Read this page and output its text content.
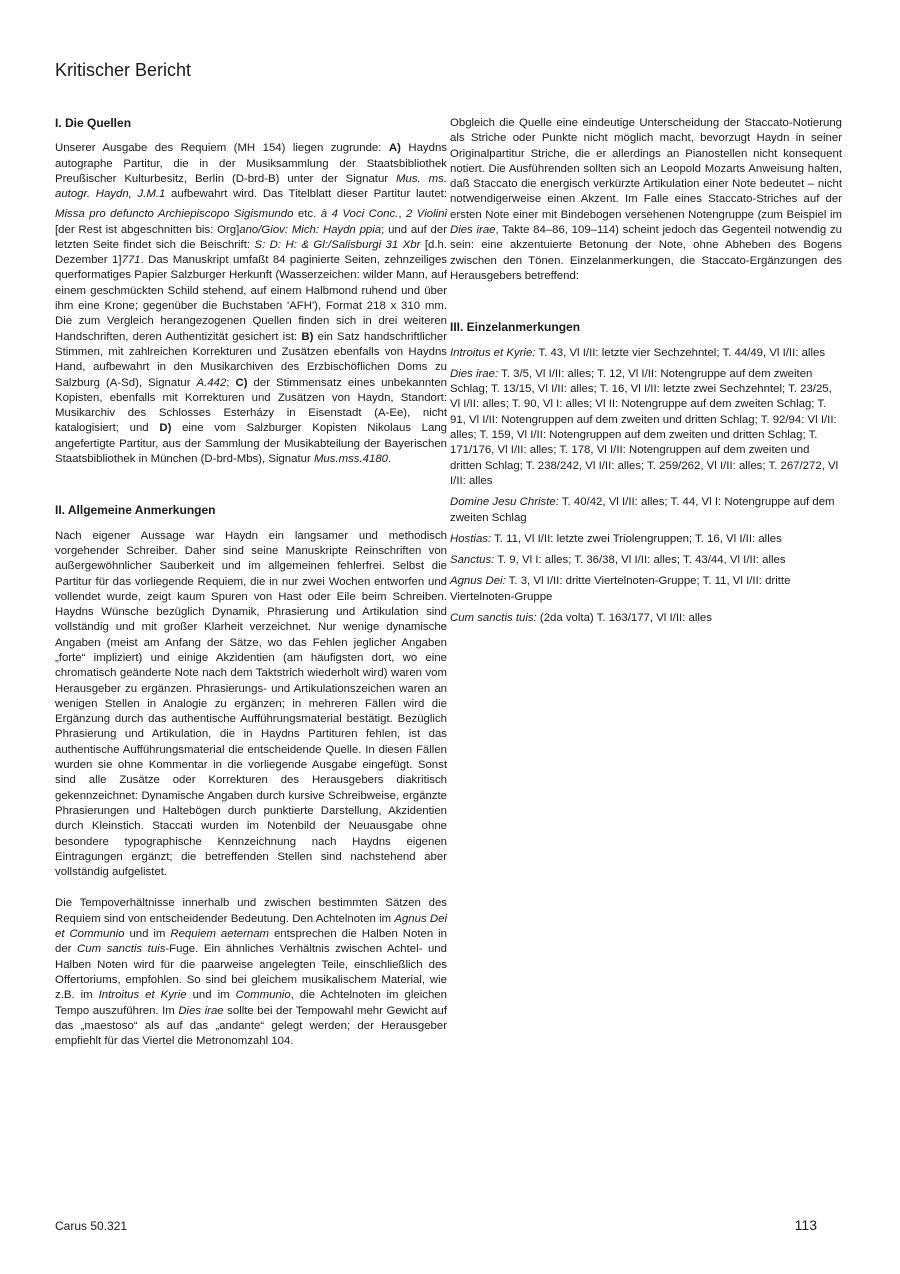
Kritischer Bericht
I. Die Quellen

Unserer Ausgabe des Requiem (MH 154) liegen zugrunde: A) Haydns autographe Partitur, die in der Musiksammlung der Staatsbibliothek Preußischer Kulturbesitz, Berlin (D-brd-B) unter der Signatur Mus. ms. autogr. Haydn, J.M.1 aufbewahrt wird. Das Titelblatt dieser Partitur lautet: Missa pro defuncto Archiepiscopo Sigismundo etc. à 4 Voci Conc., 2 Violini [der Rest ist abgeschnitten bis: Org]ano/Giov: Mich: Haydn ppia; und auf der letzten Seite findet sich die Beischrift: S: D: H: & Gl:/Salisburgi 31 Xbr [d.h. Dezember 1]771. Das Manuskript umfaßt 84 paginierte Seiten, zehnzeiliges querformatiges Papier Salzburger Herkunft (Wasserzeichen: wilder Mann, auf einem geschmückten Schild stehend, auf einem Halbmond ruhend und über ihm eine Krone; gegenüber die Buchstaben 'AFH'), Format 218 x 310 mm. Die zum Vergleich herangezogenen Quellen finden sich in drei weiteren Handschriften, deren Authentizität gesichert ist: B) ein Satz handschriftlicher Stimmen, mit zahlreichen Korrekturen und Zusätzen ebenfalls von Haydns Hand, aufbewahrt in den Musikarchiven des Erzbischöflichen Doms zu Salzburg (A-Sd), Signatur A.442; C) der Stimmensatz eines unbekannten Kopisten, ebenfalls mit Korrekturen und Zusätzen von Haydn, Standort: Musikarchiv des Schlosses Esterházy in Eisenstadt (A-Ee), nicht katalogisiert; und D) eine vom Salzburger Kopisten Nikolaus Lang angefertigte Partitur, aus der Sammlung der Musikabteilung der Bayerischen Staatsbibliothek in München (D-brd-Mbs), Signatur Mus.mss.4180.

II. Allgemeine Anmerkungen

Nach eigener Aussage war Haydn ein langsamer und methodisch vorgehender Schreiber. Daher sind seine Manuskripte Reinschriften von außergewöhnlicher Sauberkeit und im allgemeinen fehlerfrei. Selbst die Partitur für das vorliegende Requiem, die in nur zwei Wochen entworfen und vollendet wurde, zeigt kaum Spuren von Hast oder Eile beim Schreiben. Haydns Wünsche bezüglich Dynamik, Phrasierung und Artikulation sind vollständig und mit großer Klarheit verzeichnet. Nur wenige dynamische Angaben (meist am Anfang der Sätze, wo das Fehlen jeglicher Angaben „forte“ impliziert) und einige Akzidentien (am häufigsten dort, wo eine chromatisch geänderte Note nach dem Taktstrich wiederholt wird) waren vom Herausgeber zu ergänzen. Phrasierungs- und Artikulationszeichen waren an wenigen Stellen in Analogie zu ergänzen; in mehreren Fällen wird die Ergänzung durch das authentische Aufführungsmaterial bestätigt. Bezüglich Phrasierung und Artikulation, die in Haydns Partituren fehlen, ist das authentische Aufführungsmaterial die entscheidende Quelle. In diesen Fällen wurden sie ohne Kommentar in die vorliegende Ausgabe eingefügt. Sonst sind alle Zusätze oder Korrekturen des Herausgebers diakritisch gekennzeichnet: Dynamische Angaben durch kursive Schreibweise, ergänzte Phrasierungen und Haltebögen durch punktierte Darstellung, Akzidentien durch Kleinstich. Staccati wurden im Notenbild der Neuausgabe ohne besondere typographische Kennzeichnung nach Haydns eigenen Eintragungen ergänzt; die betreffenden Stellen sind nachstehend aber vollständig aufgelistet.

Die Tempoverhältnisse innerhalb und zwischen bestimmten Sätzen des Requiem sind von entscheidender Bedeutung. Den Achtelnoten im Agnus Dei et Communio und im Requiem aeternam entsprechen die Halben Noten in der Cum sanctis tuis-Fuge. Ein ähnliches Verhältnis zwischen Achtel- und Halben Noten wird für die paarweise angelegten Teile, einschließlich des Offertoriums, empfohlen. So sind bei gleichem musikalischem Material, wie z.B. im Introitus et Kyrie und im Communio, die Achtelnoten im gleichen Tempo auszuführen. Im Dies irae sollte bei der Tempowahl mehr Gewicht auf das „maestoso“ als auf das „andante“ gelegt werden; der Herausgeber empfiehlt für das Viertel die Metronomzahl 104.

Obgleich die Quelle eine eindeutige Unterscheidung der Staccato-Notierung als Striche oder Punkte nicht möglich macht, bevorzugt Haydn in seiner Originalpartitur Striche, die er allerdings an Pianostellen nicht konsequent notiert. Die Ausführenden sollten sich an Leopold Mozarts Anweisung halten, daß Staccato die energisch verkürzte Artikulation einer Note bedeutet – nicht notwendigerweise einen Akzent. Im Falle eines Staccato-Striches auf der ersten Note einer mit Bindebogen versehenen Notengruppe (zum Beispiel im Dies irae, Takte 84–86, 109–114) scheint jedoch das Gegenteil notwendig zu sein: eine akzentuierte Betonung der Note, ohne Abheben des Bogens zwischen den Tönen. Einzelanmerkungen, die Staccato-Ergänzungen des Herausgebers betreffend:

III. Einzelanmerkungen

Introitus et Kyrie: T. 43, Vl I/II: letzte vier Sechzehntel; T. 44/49, Vl I/II: alles

Dies irae: T. 3/5, Vl I/II: alles; T. 12, Vl I/II: Notengruppe auf dem zweiten Schlag; T. 13/15, Vl I/II: alles; T. 16, Vl I/II: letzte zwei Sechzehntel; T. 23/25, Vl I/II: alles; T. 90, Vl I: alles; Vl II: Notengruppe auf dem zweiten Schlag; T. 91, Vl I/II: Notengruppen auf dem zweiten und dritten Schlag; T. 92/94: Vl I/II: alles; T. 159, Vl I/II: Notengruppen auf dem zweiten und dritten Schlag; T. 171/176, Vl I/II: alles; T. 178, Vl I/II: Notengruppen auf dem zweiten und dritten Schlag; T. 238/242, Vl I/II: alles; T. 259/262, Vl I/II: alles; T. 267/272, Vl I/II: alles

Domine Jesu Christe: T. 40/42, Vl I/II: alles; T. 44, Vl I: Notengruppe auf dem zweiten Schlag

Hostias: T. 11, Vl I/II: letzte zwei Triolengruppen; T. 16, Vl I/II: alles

Sanctus: T. 9, Vl I: alles; T. 36/38, Vl I/II: alles; T. 43/44, Vl I/II: alles

Agnus Dei: T. 3, Vl I/II: dritte Viertelnoten-Gruppe; T. 11, Vl I/II: dritte Viertelnoten-Gruppe

Cum sanctis tuis: (2da volta) T. 163/177, Vl I/II: alles

Carus 50.321	113
